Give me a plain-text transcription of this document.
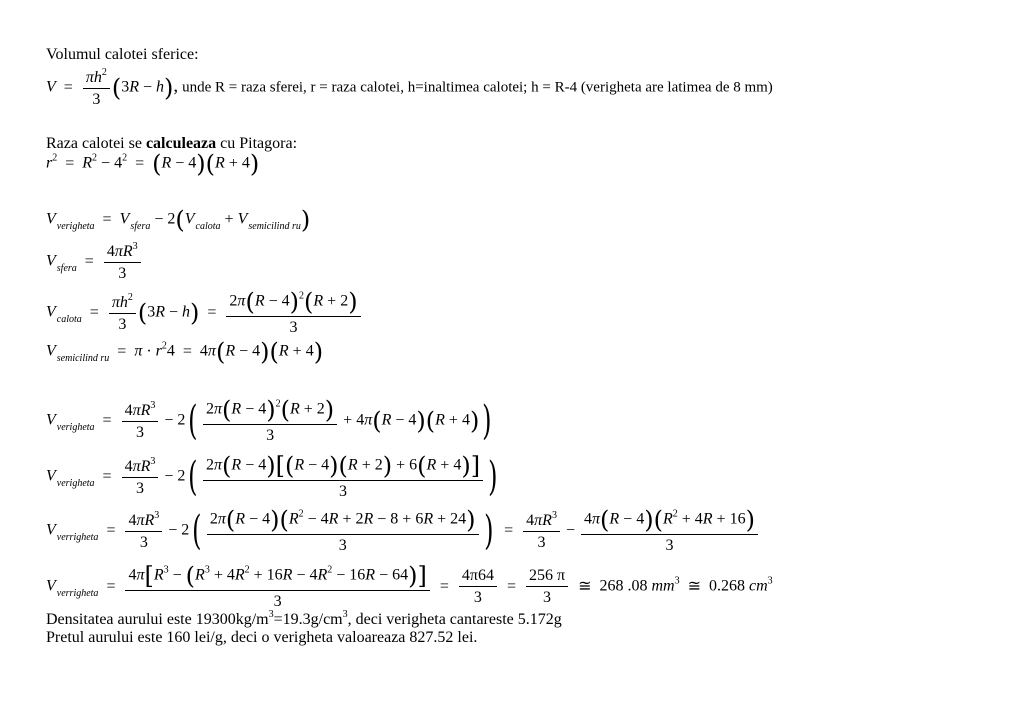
Volumul calotei sferice:
$V = \frac{\pi h^2}{3} (3R - h)$, unde R = raza sferei, r = raza calotei, h=inaltimea calotei; h = R-4 (verigheta are latimea de 8 mm)
Raza calotei se calculeaza cu Pitagora:
$r^2 = R^2 - 4^2 = (R - 4)(R + 4)$
$V_{verigheta} = V_{sfera} - 2(V_{calota} + V_{semicilind ru})$
$V_{sfera} = \frac{4\pi R^3}{3}$
$V_{calota} = \frac{\pi h^2}{3} (3R - h) = \frac{2\pi(R - 4)^2(R + 2)}{3}$
$V_{semicilind ru} = \pi \cdot r^24 = 4\pi(R - 4)(R + 4)$
$V_{verigheta} = \frac{4\pi R^3}{3} - 2( \frac{2\pi(R - 4)^2(R + 2)}{3} + 4\pi(R - 4)(R + 4))$
$V_{verigheta} = \frac{4\pi R^3}{3} - 2( \frac{2\pi(R - 4)[(R - 4)(R + 2) + 6(R + 4)]}{3}$ )
$V_{verrigheta} = \frac{4\pi R^3}{3} - 2( \frac{2\pi(R - 4)(R^2 - 4R + 2R - 8 + 6R + 24)}{3}$ ) = $\frac{4\pi R^3}{3} - \frac{4\pi(R - 4)(R^2 + 4R + 16)}{3}$
$V_{verrigheta} = \frac{4\pi[R^3 - (R^3 + 4R^2 + 16R - 4R^2 - 16R - 64)]}{3} = \frac{4\pi 64}{3} = \frac{256 \pi}{3}$ ≅ 268 .08 $mm^3$ ≅ 0.268 $cm^3$
Densitatea aurului este $19300kg/m^3=19.3g/cm^3$, deci verigheta cantareste 5.172g
Pretul aurului este 160 lei/g, deci o verigheta valoareaza 827.52 lei.
